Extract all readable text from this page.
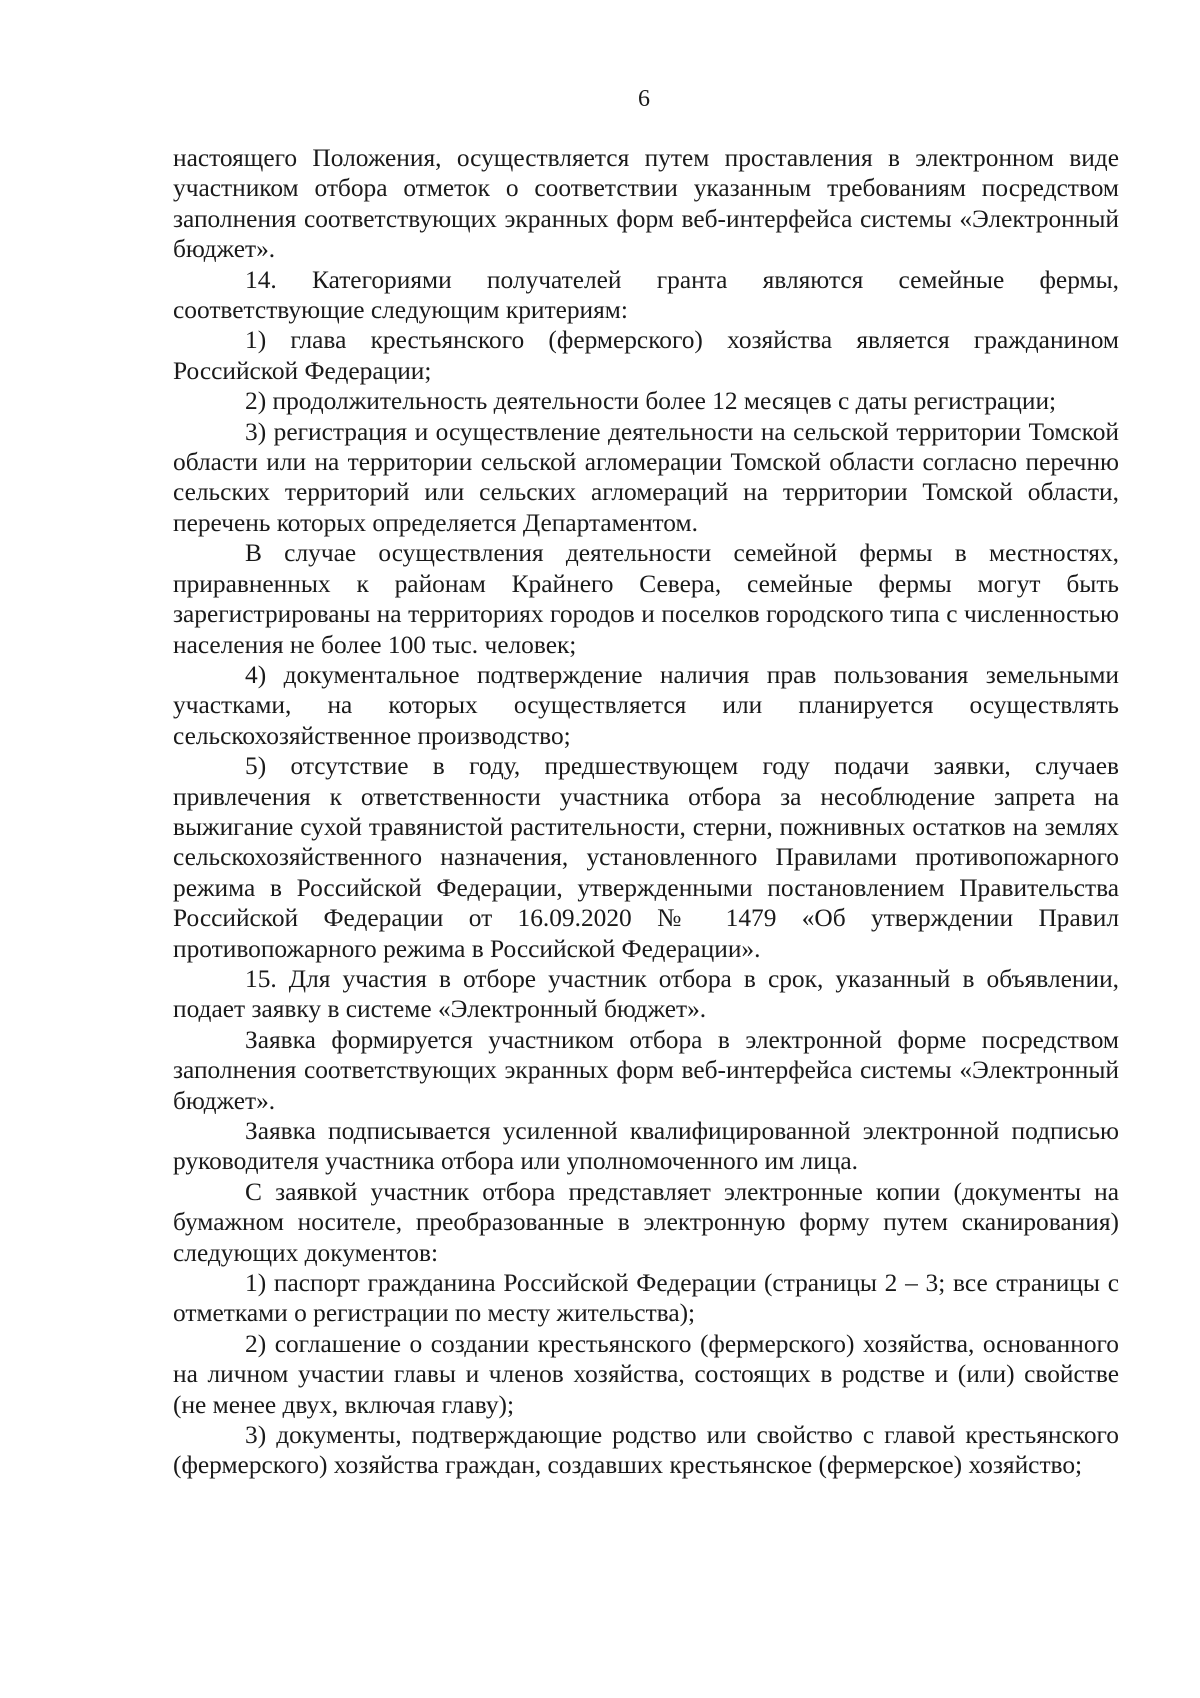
6

настоящего Положения, осуществляется путем проставления в электронном виде участником отбора отметок о соответствии указанным требованиям посредством заполнения соответствующих экранных форм веб-интерфейса системы «Электронный бюджет».

14. Категориями получателей гранта являются семейные фермы, соответствующие следующим критериям:

1) глава крестьянского (фермерского) хозяйства является гражданином Российской Федерации;

2) продолжительность деятельности более 12 месяцев с даты регистрации;

3) регистрация и осуществление деятельности на сельской территории Томской области или на территории сельской агломерации Томской области согласно перечню сельских территорий или сельских агломераций на территории Томской области, перечень которых определяется Департаментом.

В случае осуществления деятельности семейной фермы в местностях, приравненных к районам Крайнего Севера, семейные фермы могут быть зарегистрированы на территориях городов и поселков городского типа с численностью населения не более 100 тыс. человек;

4) документальное подтверждение наличия прав пользования земельными участками, на которых осуществляется или планируется осуществлять сельскохозяйственное производство;

5) отсутствие в году, предшествующем году подачи заявки, случаев привлечения к ответственности участника отбора за несоблюдение запрета на выжигание сухой травянистой растительности, стерни, пожнивных остатков на землях сельскохозяйственного назначения, установленного Правилами противопожарного режима в Российской Федерации, утвержденными постановлением Правительства Российской Федерации от 16.09.2020 № 1479 «Об утверждении Правил противопожарного режима в Российской Федерации».

15. Для участия в отборе участник отбора в срок, указанный в объявлении, подает заявку в системе «Электронный бюджет».

Заявка формируется участником отбора в электронной форме посредством заполнения соответствующих экранных форм веб-интерфейса системы «Электронный бюджет».

Заявка подписывается усиленной квалифицированной электронной подписью руководителя участника отбора или уполномоченного им лица.

С заявкой участник отбора представляет электронные копии (документы на бумажном носителе, преобразованные в электронную форму путем сканирования) следующих документов:

1) паспорт гражданина Российской Федерации (страницы 2 – 3; все страницы с отметками о регистрации по месту жительства);

2) соглашение о создании крестьянского (фермерского) хозяйства, основанного на личном участии главы и членов хозяйства, состоящих в родстве и (или) свойстве (не менее двух, включая главу);

3) документы, подтверждающие родство или свойство с главой крестьянского (фермерского) хозяйства граждан, создавших крестьянское (фермерское) хозяйство;
